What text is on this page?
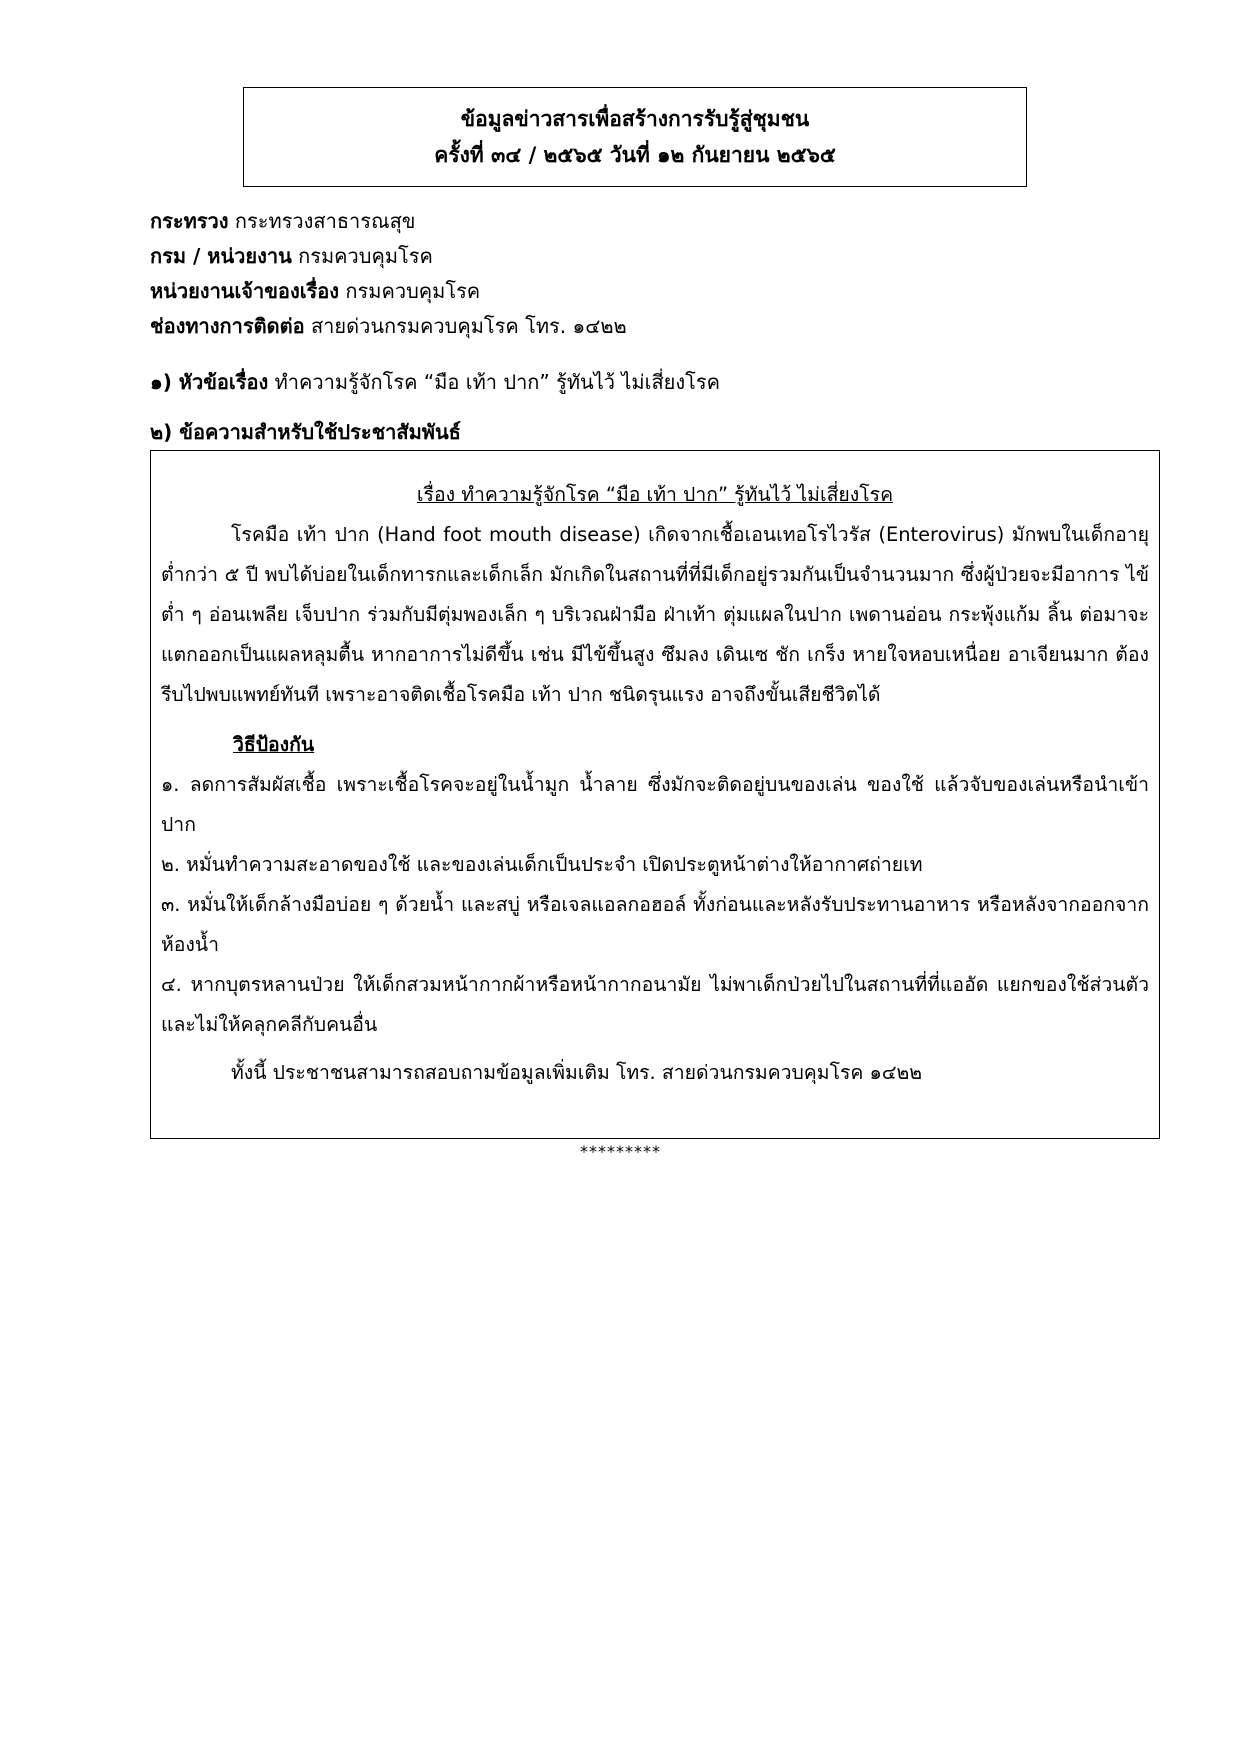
ข้อมูลข่าวสารเพื่อสร้างการรับรู้สู่ชุมชน
ครั้งที่ ๓๔ / ๒๕๖๕ วันที่ ๑๒ กันยายน ๒๕๖๕
กระทรวง กระทรวงสาธารณสุข
กรม / หน่วยงาน กรมควบคุมโรค
หน่วยงานเจ้าของเรื่อง กรมควบคุมโรค
ช่องทางการติดต่อ สายด่วนกรมควบคุมโรค โทร. ๑๔๒๒
๑) หัวข้อเรื่อง ทำความรู้จักโรค “มือ เท้า ปาก” รู้ทันไว้ ไม่เสี่ยงโรค
๒) ข้อความสำหรับใช้ประชาสัมพันธ์

เรื่อง ทำความรู้จักโรค “มือ เท้า ปาก” รู้ทันไว้ ไม่เสี่ยงโรค

โรคมือ เท้า ปาก (Hand foot mouth disease) เกิดจากเชื้อเอนเทอโรไวรัส (Enterovirus) มักพบในเด็กอายุต่ำกว่า ๕ ปี พบได้บ่อยในเด็กทารกและเด็กเล็ก มักเกิดในสถานที่ที่มีเด็กอยู่รวมกันเป็นจำนวนมาก ซึ่งผู้ป่วยจะมีอาการ ไข้ต่ำ ๆ อ่อนเพลีย เจ็บปาก ร่วมกับมีตุ่มพองเล็ก ๆ บริเวณฝ่ามือ ฝ่าเท้า ตุ่มแผลในปาก เพดานอ่อน กระพุ้งแก้ม ลิ้น ต่อมาจะแตกออกเป็นแผลหลุมตื้น หากอาการไม่ดีขึ้น เช่น มีไข้ขึ้นสูง ซึมลง เดินเซ ชัก เกร็ง หายใจหอบเหนื่อย อาเจียนมาก ต้องรีบไปพบแพทย์ทันที เพราะอาจติดเชื้อโรคมือ เท้า ปาก ชนิดรุนแรง อาจถึงขั้นเสียชีวิตได้

วิธีป้องกัน

๑. ลดการสัมผัสเชื้อ เพราะเชื้อโรคจะอยู่ในน้ำมูก น้ำลาย ซึ่งมักจะติดอยู่บนของเล่น ของใช้ แล้วจับของเล่นหรือนำเข้าปาก

๒. หมั่นทำความสะอาดของใช้ และของเล่นเด็กเป็นประจำ เปิดประตูหน้าต่างให้อากาศถ่ายเท

๓. หมั่นให้เด็กล้างมือบ่อย ๆ ด้วยน้ำ และสบู่ หรือเจลแอลกอฮอล์ ทั้งก่อนและหลังรับประทานอาหาร หรือหลังจากออกจากห้องน้ำ

๔. หากบุตรหลานป่วย ให้เด็กสวมหน้ากากผ้าหรือหน้ากากอนามัย ไม่พาเด็กป่วยไปในสถานที่ที่แออัด แยกของใช้ส่วนตัวและไม่ให้คลุกคลีกับคนอื่น

ทั้งนี้ ประชาชนสามารถสอบถามข้อมูลเพิ่มเติม โทร. สายด่วนกรมควบคุมโรค ๑๔๒๒

*********
